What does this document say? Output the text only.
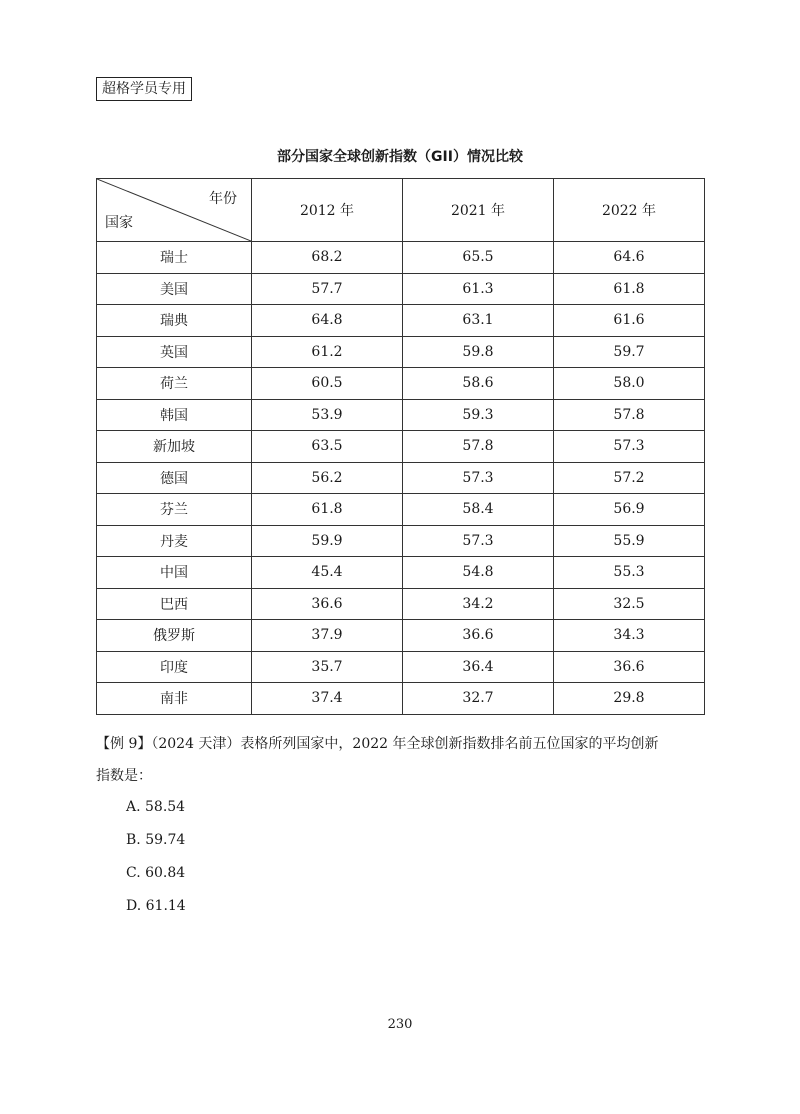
超格学员专用
部分国家全球创新指数（GII）情况比较
年份
国家	2012 年	2021 年	2022 年
瑞士	68.2	65.5	64.6
美国	57.7	61.3	61.8
瑞典	64.8	63.1	61.6
英国	61.2	59.8	59.7
荷兰	60.5	58.6	58.0
韩国	53.9	59.3	57.8
新加坡	63.5	57.8	57.3
德国	56.2	57.3	57.2
芬兰	61.8	58.4	56.9
丹麦	59.9	57.3	55.9
中国	45.4	54.8	55.3
巴西	36.6	34.2	32.5
俄罗斯	37.9	36.6	34.3
印度	35.7	36.4	36.6
南非	37.4	32.7	29.8
【例 9】（2024 天津）表格所列国家中，2022 年全球创新指数排名前五位国家的平均创新
指数是：
A. 58.54
B. 59.74
C. 60.84
D. 61.14
230
